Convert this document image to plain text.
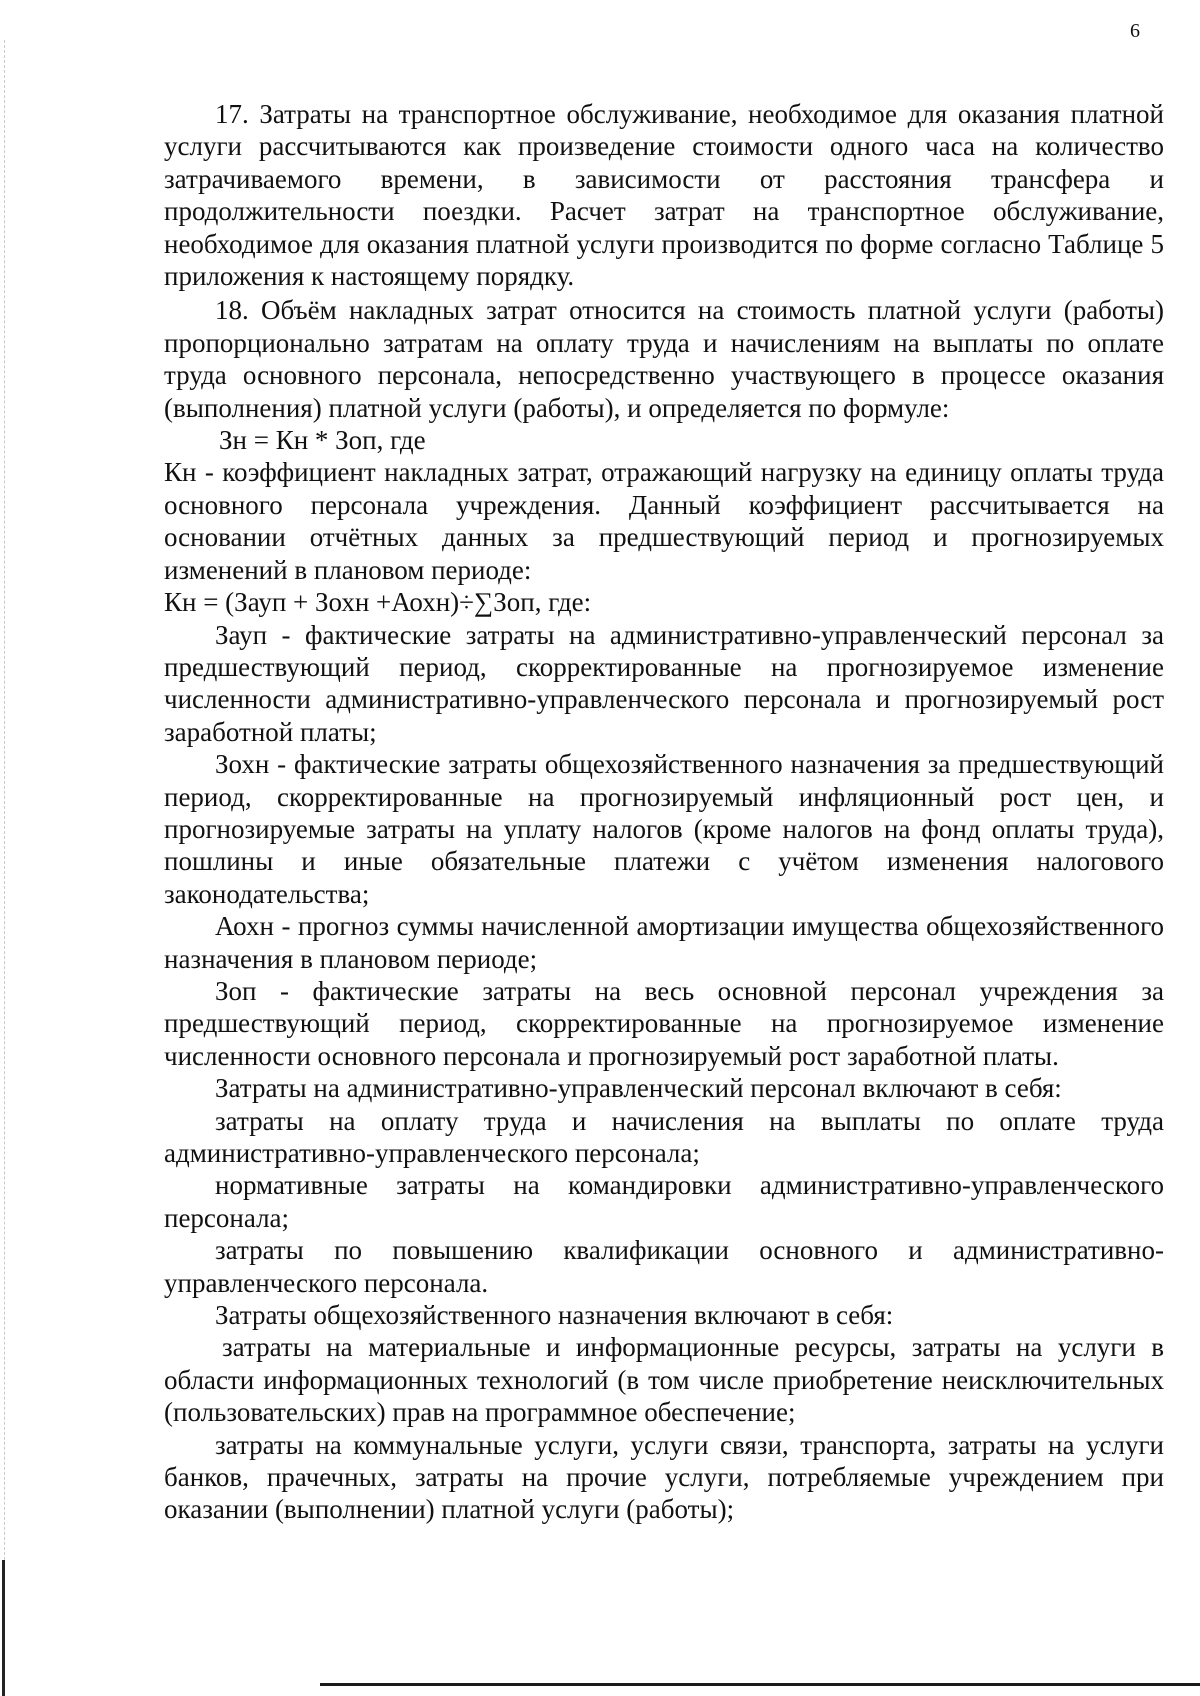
6

17. Затраты на транспортное обслуживание, необходимое для оказания платной услуги рассчитываются как произведение стоимости одного часа на количество затрачиваемого времени, в зависимости от расстояния трансфера и продолжительности поездки. Расчет затрат на транспортное обслуживание, необходимое для оказания платной услуги производится по форме согласно Таблице 5 приложения к настоящему порядку.

18. Объём накладных затрат относится на стоимость платной услуги (работы) пропорционально затратам на оплату труда и начислениям на выплаты по оплате труда основного персонала, непосредственно участвующего в процессе оказания (выполнения) платной услуги (работы), и определяется по формуле:

Зн = Кн * Зоп, где

Кн - коэффициент накладных затрат, отражающий нагрузку на единицу оплаты труда основного персонала учреждения. Данный коэффициент рассчитывается на основании отчётных данных за предшествующий период и прогнозируемых изменений в плановом периоде:

Кн = (Зауп + Зохн +Аохн)÷∑Зоп, где:

Зауп - фактические затраты на административно-управленческий персонал за предшествующий период, скорректированные на прогнозируемое изменение численности административно-управленческого персонала и прогнозируемый рост заработной платы;

Зохн - фактические затраты общехозяйственного назначения за предшествующий период, скорректированные на прогнозируемый инфляционный рост цен, и прогнозируемые затраты на уплату налогов (кроме налогов на фонд оплаты труда), пошлины и иные обязательные платежи с учётом изменения налогового законодательства;

Аохн - прогноз суммы начисленной амортизации имущества общехозяйственного назначения в плановом периоде;

Зоп - фактические затраты на весь основной персонал учреждения за предшествующий период, скорректированные на прогнозируемое изменение численности основного персонала и прогнозируемый рост заработной платы.

Затраты на административно-управленческий персонал включают в себя:

затраты на оплату труда и начисления на выплаты по оплате труда административно-управленческого персонала;

нормативные затраты на командировки административно-управленческого персонала;

затраты по повышению квалификации основного и административно-управленческого персонала.

Затраты общехозяйственного назначения включают в себя:

затраты на материальные и информационные ресурсы, затраты на услуги в области информационных технологий (в том числе приобретение неисключительных (пользовательских) прав на программное обеспечение;

затраты на коммунальные услуги, услуги связи, транспорта, затраты на услуги банков, прачечных, затраты на прочие услуги, потребляемые учреждением при оказании (выполнении) платной услуги (работы);
